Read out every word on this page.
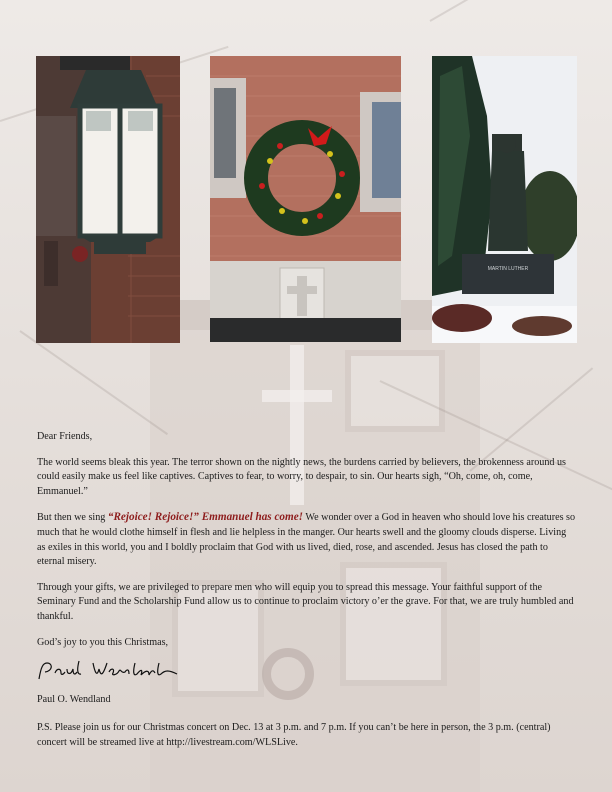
MARTIN LUTHER

Dear Friends,

The world seems bleak this year. The terror shown on the nightly news, the burdens carried by believers, the brokenness around us could easily make us feel like captives. Captives to fear, to worry, to despair, to sin. Our hearts sigh, “Oh, come, oh, come, Emmanuel.”

But then we sing “Rejoice! Rejoice!” Emmanuel has come! We wonder over a God in heaven who should love his creatures so much that he would clothe himself in flesh and lie helpless in the manger. Our hearts swell and the gloomy clouds disperse. Living as exiles in this world, you and I boldly proclaim that God with us lived, died, rose, and ascended. Jesus has closed the path to eternal misery.

Through your gifts, we are privileged to prepare men who will equip you to spread this message. Your faithful support of the Seminary Fund and the Scholarship Fund allow us to continue to proclaim victory o’er the grave. For that, we are truly humbled and thankful.

God’s joy to you this Christmas,

Paul O. Wendland

P.S. Please join us for our Christmas concert on Dec. 13 at 3 p.m. and 7 p.m. If you can’t be here in person, the 3 p.m. (central) concert will be streamed live at http://livestream.com/WLSLive.
